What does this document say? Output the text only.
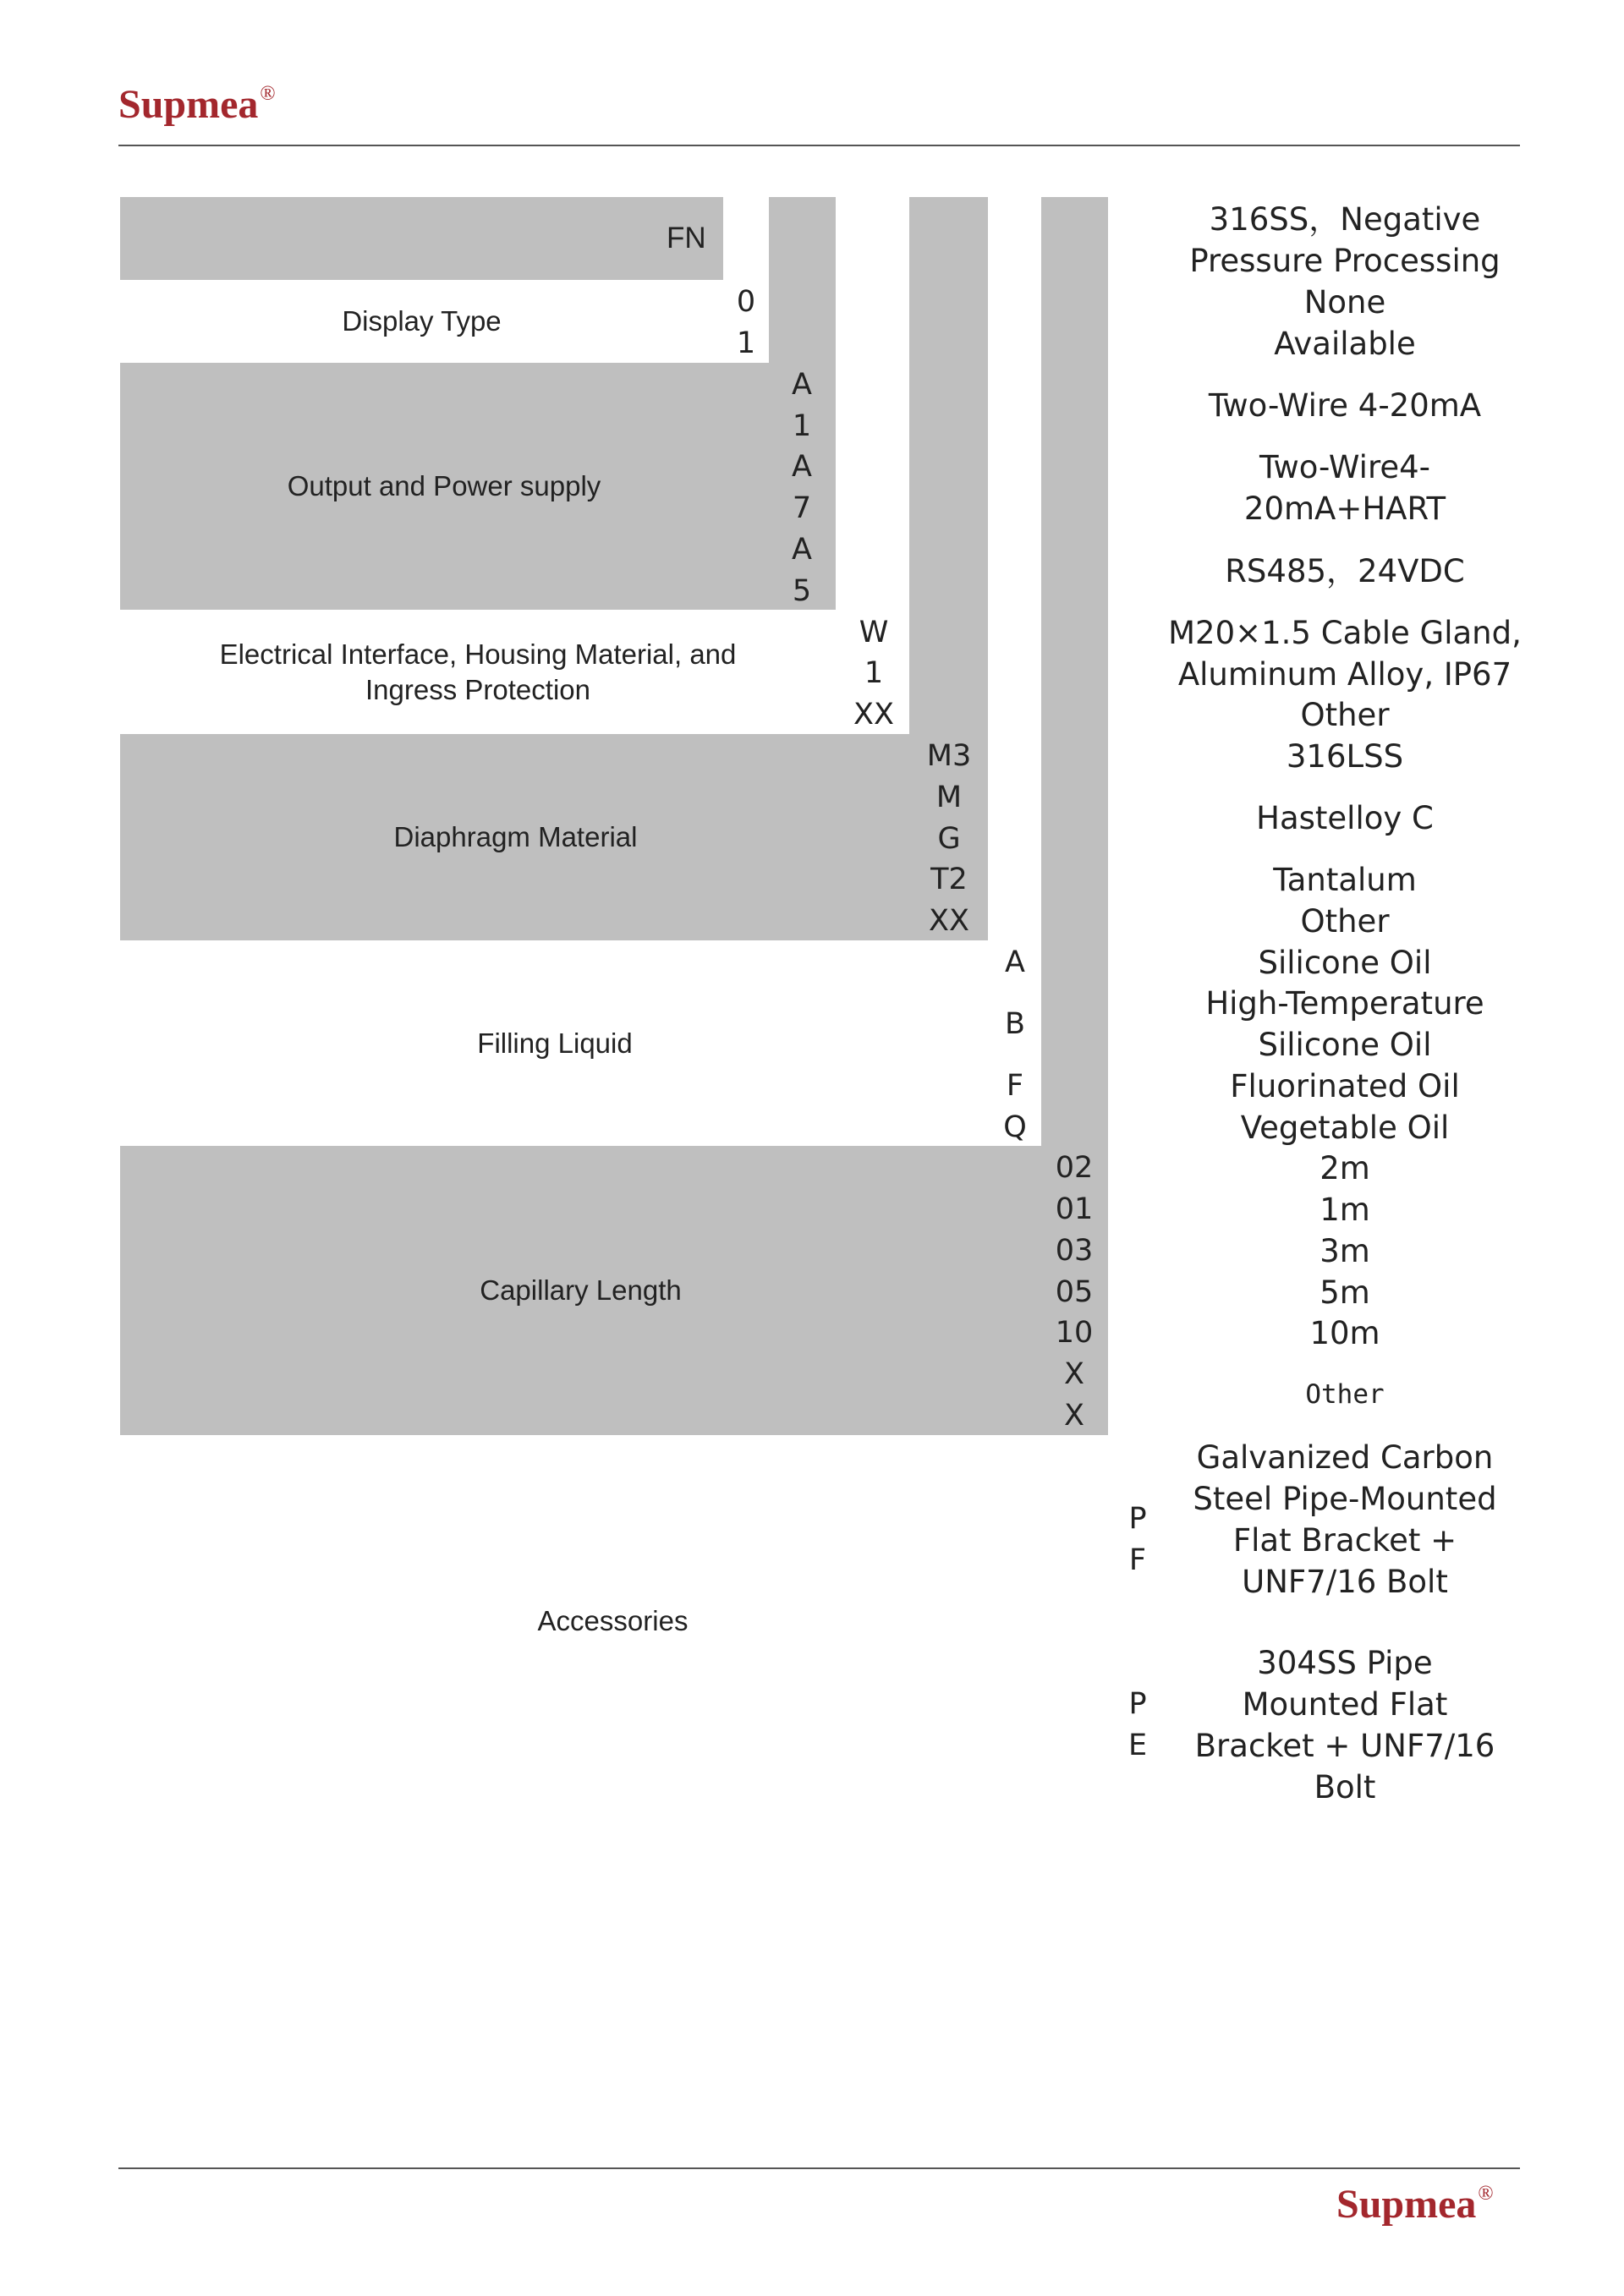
Supmea®
FN
Display Type
Output and Power supply
Electrical Interface, Housing Material, and Ingress Protection
Diaphragm Material
Filling Liquid
Capillary Length
Accessories
0
1
A
1
A
7
A
5
W
1
XX
M3
M
G
T2
XX
A
B
F
Q
02
01
03
05
10
X
X
P
F
P
E
316SS，Negative Pressure Processing
None
Available
Two-Wire 4-20mA
Two-Wire4-20mA+HART
RS485，24VDC
M20×1.5 Cable Gland, Aluminum Alloy, IP67
Other
316LSS
Hastelloy C
Tantalum
Other
Silicone Oil
High-Temperature Silicone Oil
Fluorinated Oil
Vegetable Oil
2m
1m
3m
5m
10m
Other
Galvanized Carbon Steel Pipe-Mounted Flat Bracket + UNF7/16 Bolt
304SS Pipe Mounted Flat Bracket + UNF7/16 Bolt
Supmea®
